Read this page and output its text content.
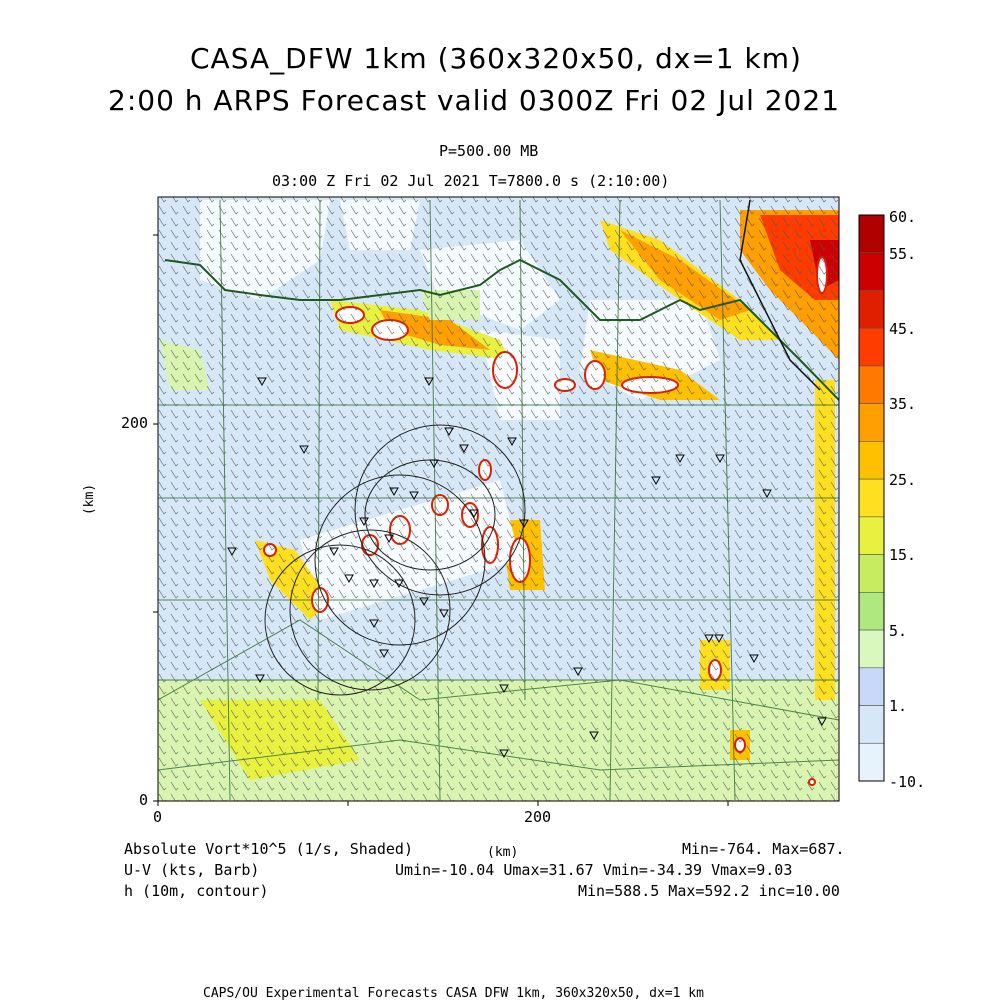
CASA_DFW 1km (360x320x50, dx=1 km)
2:00 h ARPS Forecast valid 0300Z Fri 02 Jul 2021
P=500.00 MB
03:00 Z Fri 02 Jul 2021 T=7800.0 s (2:10:00)
200
0
0	200
(km)
60.
55.
45.
35.
25.
15.
5.
1.
-10.
Absolute Vort*10^5 (1/s, Shaded)	(km)	Min=-764. Max=687.
U-V (kts, Barb)	Umin=-10.04 Umax=31.67 Vmin=-34.39 Vmax=9.03
h (10m, contour)	Min=588.5 Max=592.2 inc=10.00
CAPS/OU Experimental Forecasts CASA DFW 1km, 360x320x50, dx=1 km
